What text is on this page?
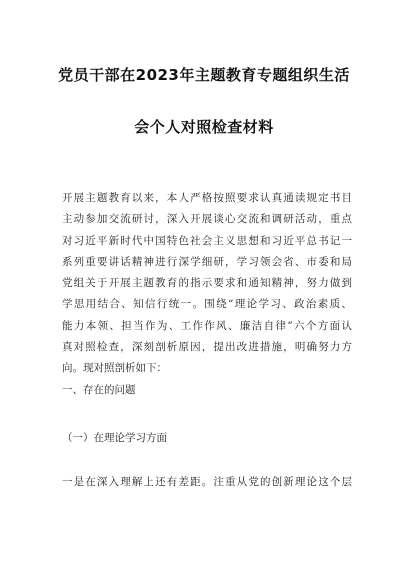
党员干部在2023年主题教育专题组织生活
会个人对照检查材料
开展主题教育以来，本人严格按照要求认真通读规定书目
主动参加交流研讨，深入开展谈心交流和调研活动，重点
对习近平新时代中国特色社会主义思想和习近平总书记一
系列重要讲话精神进行深学细研，学习领会省、市委和局
党组关于开展主题教育的指示要求和通知精神，努力做到
学思用结合、知信行统一。围绕“理论学习、政治素质、
能力本领、担当作为、工作作风、廉洁自律”六个方面认
真对照检查，深刻剖析原因，提出改进措施，明确努力方
向。现对照剖析如下：
一、存在的问题
（一）在理论学习方面
一是在深入理解上还有差距。注重从党的创新理论这个层
